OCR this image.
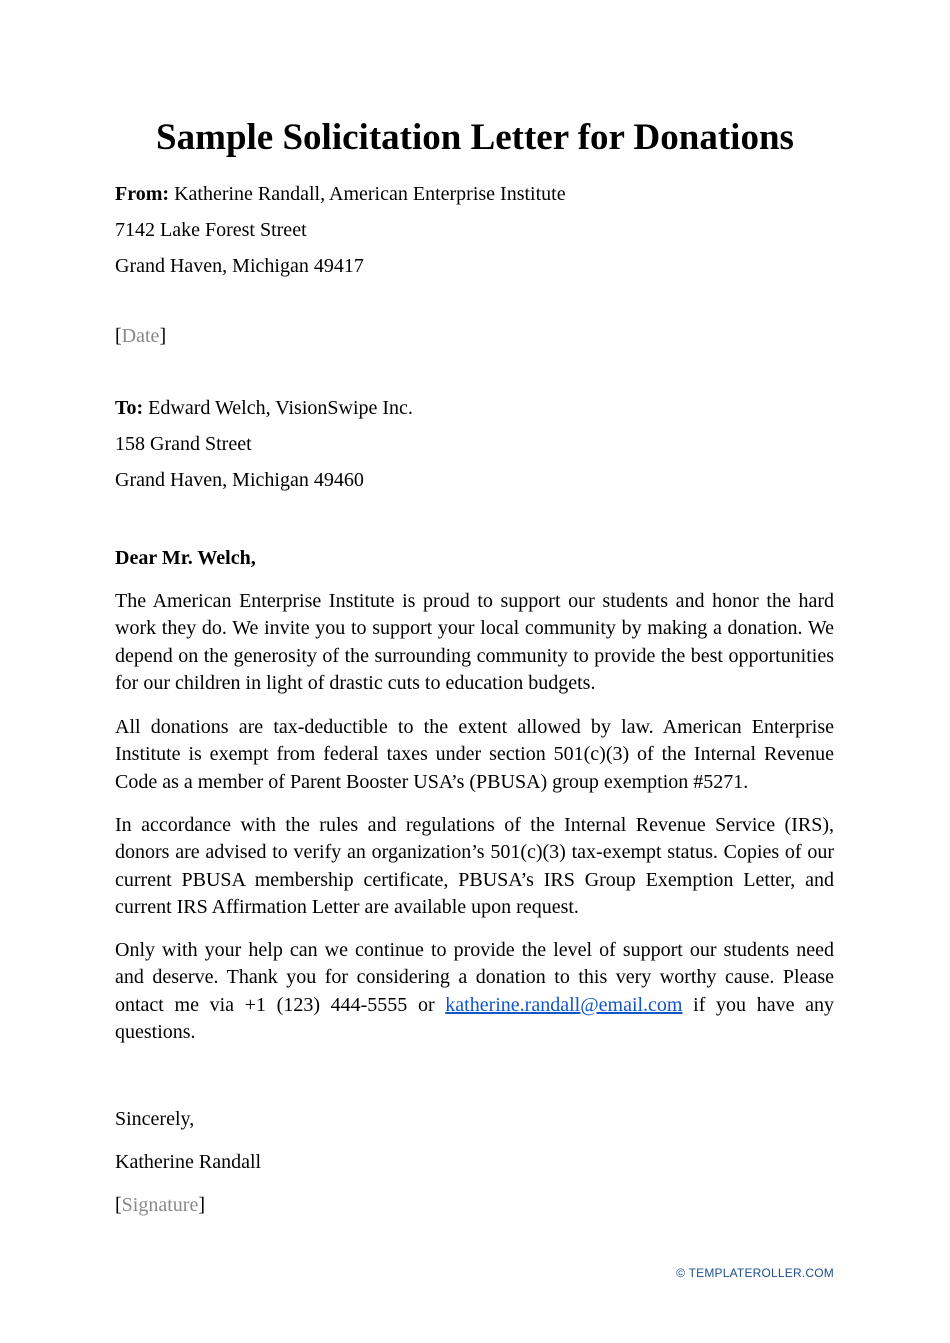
Sample Solicitation Letter for Donations
From: Katherine Randall, American Enterprise Institute
7142 Lake Forest Street
Grand Haven, Michigan 49417
[Date]
To: Edward Welch, VisionSwipe Inc.
158 Grand Street
Grand Haven, Michigan 49460
Dear Mr. Welch,

The American Enterprise Institute is proud to support our students and honor the hard work they do. We invite you to support your local community by making a donation. We depend on the generosity of the surrounding community to provide the best opportunities for our children in light of drastic cuts to education budgets.

All donations are tax-deductible to the extent allowed by law. American Enterprise Institute is exempt from federal taxes under section 501(c)(3) of the Internal Revenue Code as a member of Parent Booster USA’s (PBUSA) group exemption #5271.

In accordance with the rules and regulations of the Internal Revenue Service (IRS), donors are advised to verify an organization’s 501(c)(3) tax-exempt status. Copies of our current PBUSA membership certificate, PBUSA’s IRS Group Exemption Letter, and current IRS Affirmation Letter are available upon request.

Only with your help can we continue to provide the level of support our students need and deserve. Thank you for considering a donation to this very worthy cause. Please ontact me via +1 (123) 444-5555 or katherine.randall@email.com if you have any questions.

Sincerely,
Katherine Randall
[Signature]
© TEMPLATEROLLER.COM
